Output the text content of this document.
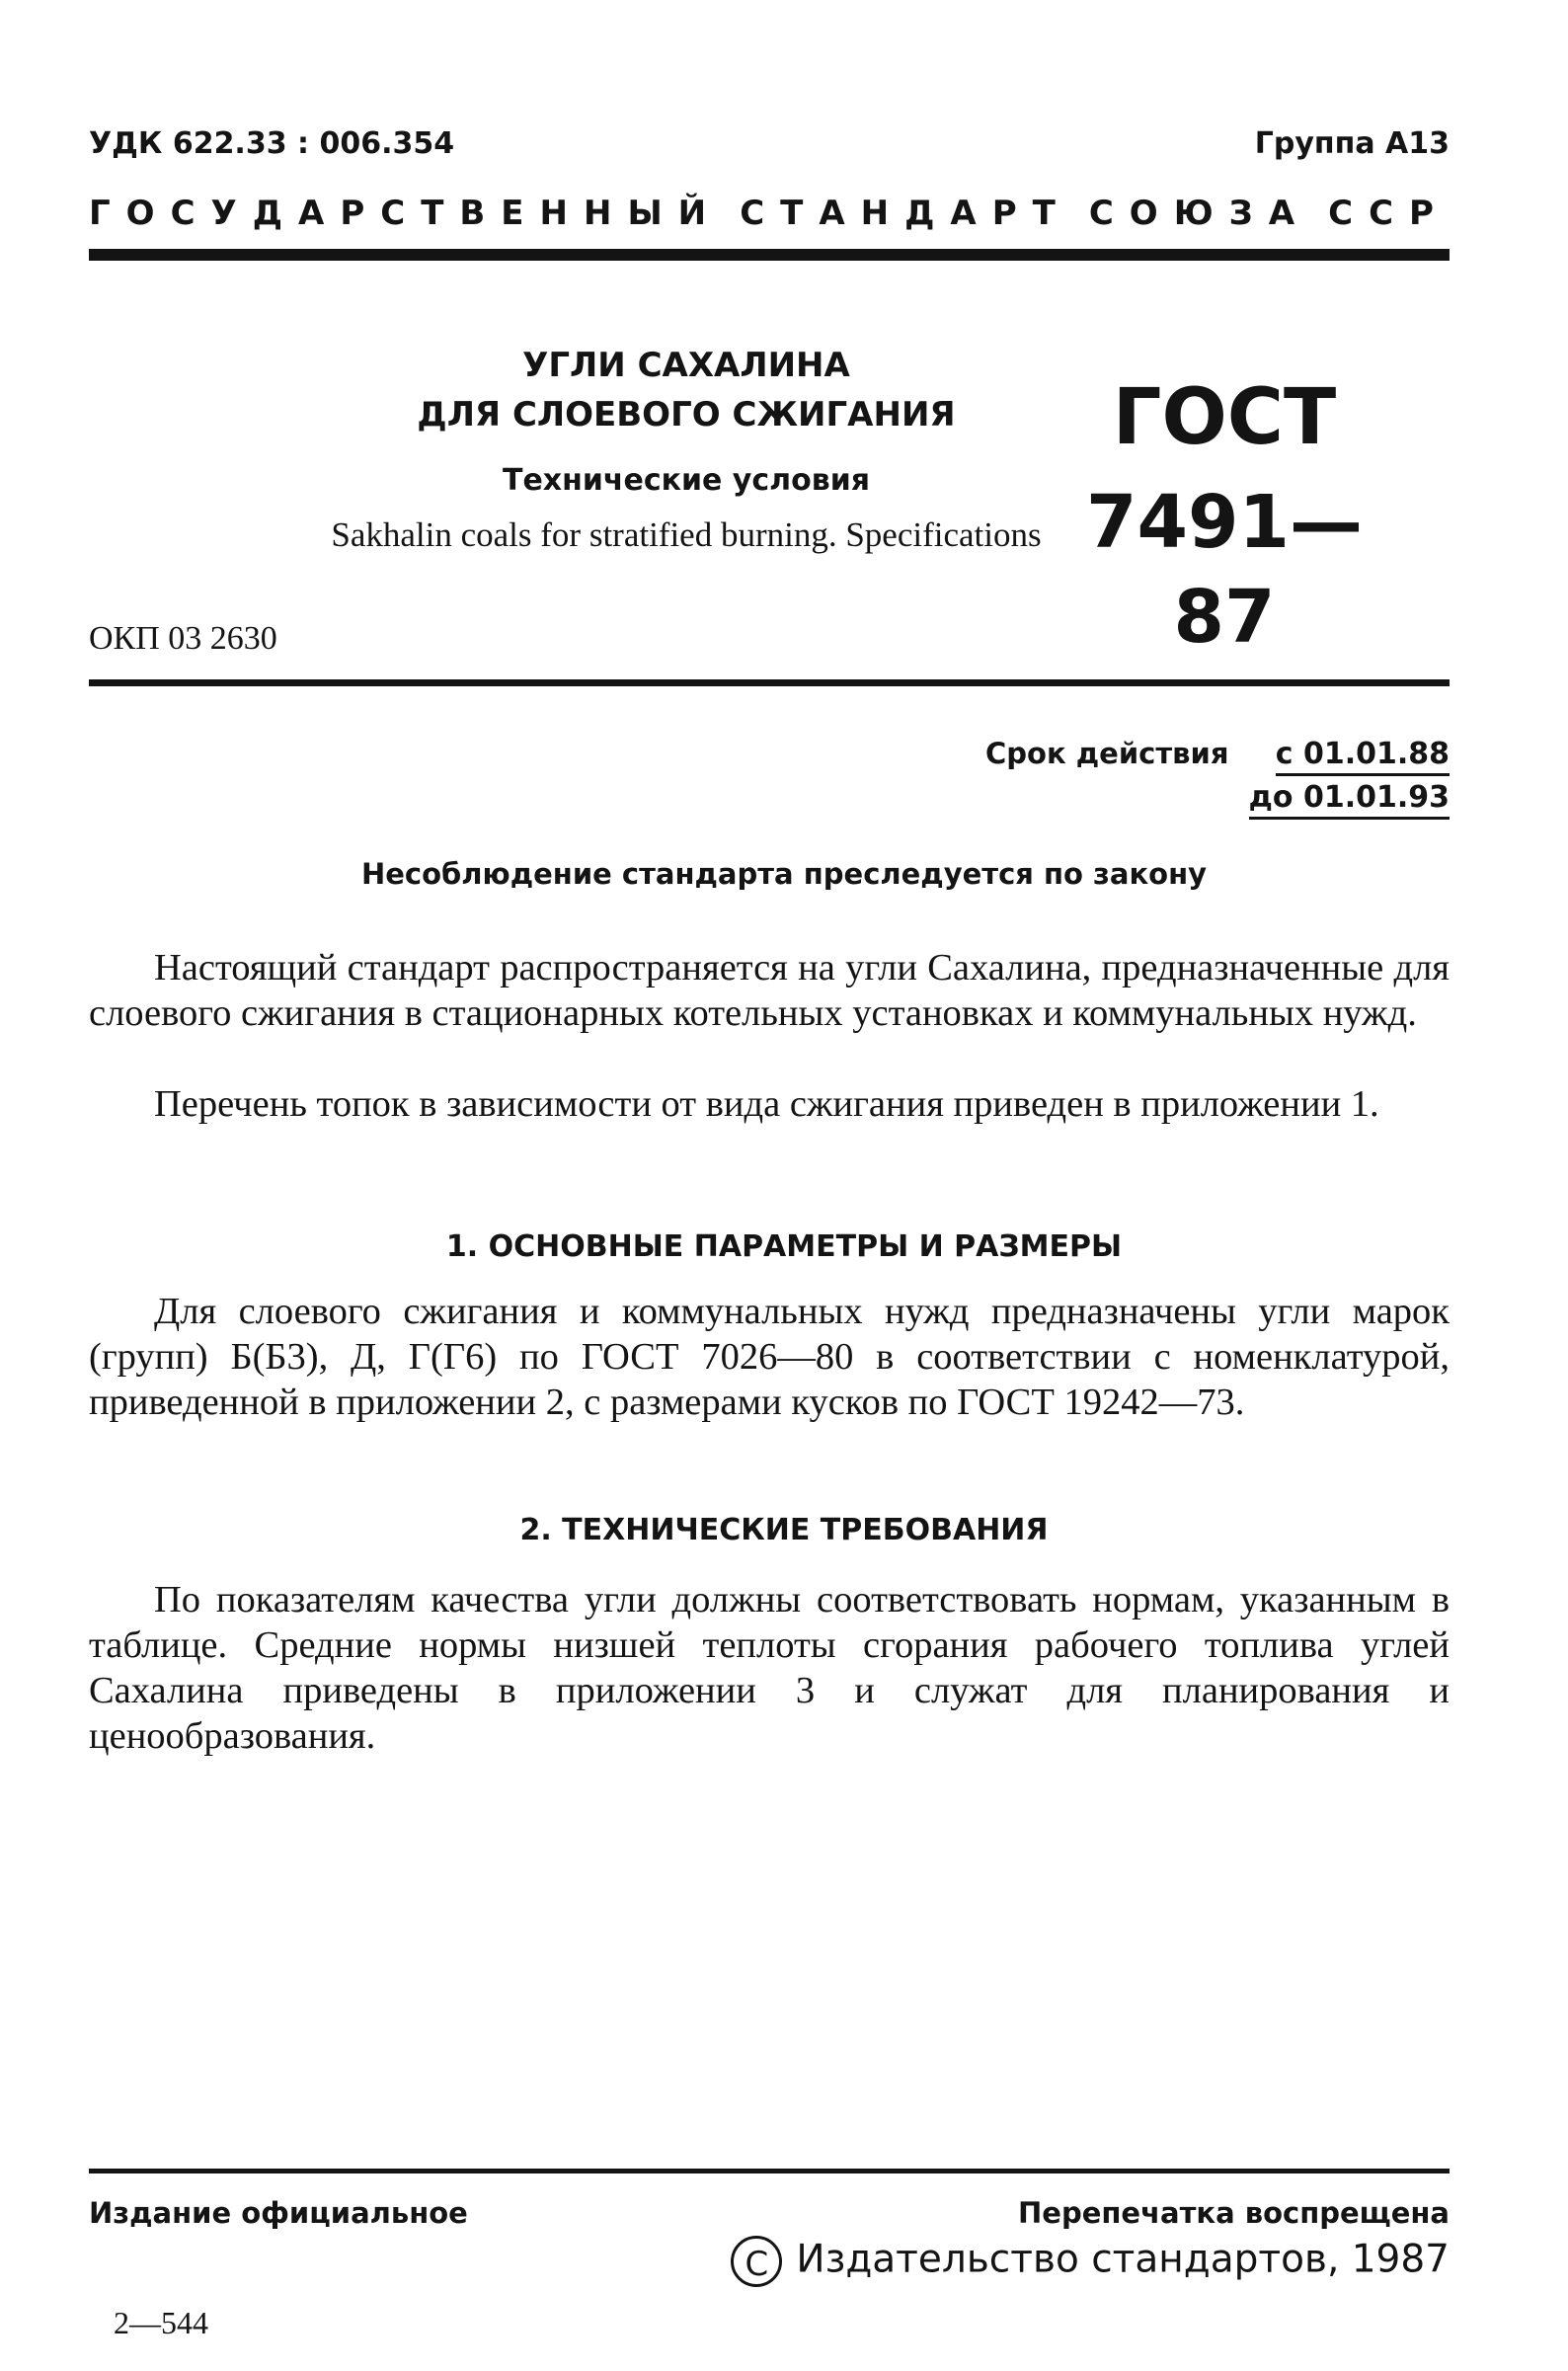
УДК 622.33 : 006.354	Группа А13
ГОСУДАРСТВЕННЫЙ СТАНДАРТ СОЮЗА ССР
УГЛИ САХАЛИНА
ДЛЯ СЛОЕВОГО СЖИГАНИЯ
Технические условия
Sakhalin coals for stratified burning. Specifications
ГОСТ
7491—87
ОКП 03 2630
Срок действия с 01.01.88
до 01.01.93
Несоблюдение стандарта преследуется по закону

Настоящий стандарт распространяется на угли Сахалина, предназначенные для слоевого сжигания в стационарных котельных установках и коммунальных нужд.

Перечень топок в зависимости от вида сжигания приведен в приложении 1.

1. ОСНОВНЫЕ ПАРАМЕТРЫ И РАЗМЕРЫ

Для слоевого сжигания и коммунальных нужд предназначены угли марок (групп) Б(Б3), Д, Г(Г6) по ГОСТ 7026—80 в соответствии с номенклатурой, приведенной в приложении 2, с размерами кусков по ГОСТ 19242—73.

2. ТЕХНИЧЕСКИЕ ТРЕБОВАНИЯ

По показателям качества угли должны соответствовать нормам, указанным в таблице. Средние нормы низшей теплоты сгорания рабочего топлива углей Сахалина приведены в приложении 3 и служат для планирования и ценообразования.

Издание официальное	Перепечатка воспрещена
С Издательство стандартов, 1987
2—544
